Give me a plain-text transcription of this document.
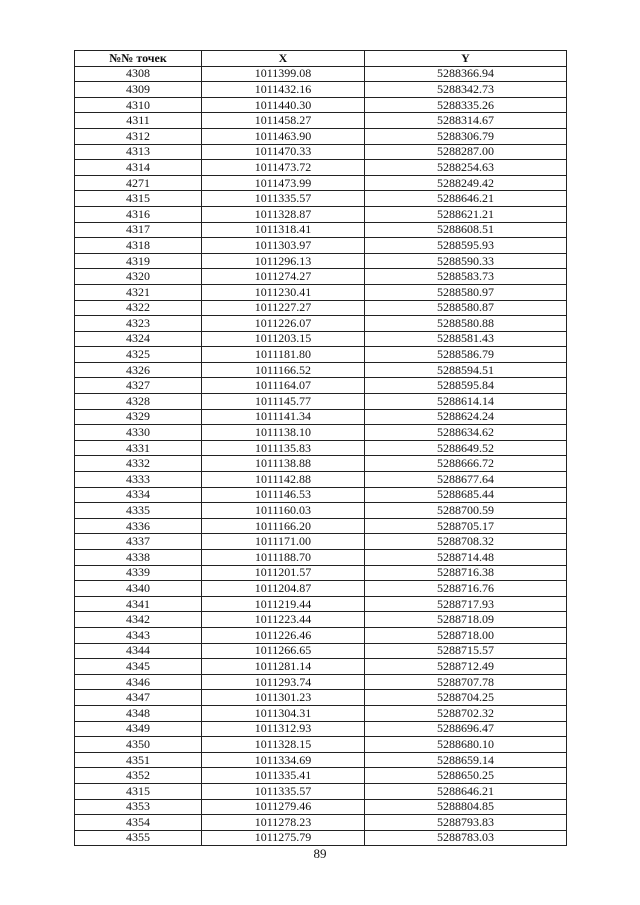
№№ точек	X	Y
4308	1011399.08	5288366.94
4309	1011432.16	5288342.73
4310	1011440.30	5288335.26
4311	1011458.27	5288314.67
4312	1011463.90	5288306.79
4313	1011470.33	5288287.00
4314	1011473.72	5288254.63
4271	1011473.99	5288249.42
4315	1011335.57	5288646.21
4316	1011328.87	5288621.21
4317	1011318.41	5288608.51
4318	1011303.97	5288595.93
4319	1011296.13	5288590.33
4320	1011274.27	5288583.73
4321	1011230.41	5288580.97
4322	1011227.27	5288580.87
4323	1011226.07	5288580.88
4324	1011203.15	5288581.43
4325	1011181.80	5288586.79
4326	1011166.52	5288594.51
4327	1011164.07	5288595.84
4328	1011145.77	5288614.14
4329	1011141.34	5288624.24
4330	1011138.10	5288634.62
4331	1011135.83	5288649.52
4332	1011138.88	5288666.72
4333	1011142.88	5288677.64
4334	1011146.53	5288685.44
4335	1011160.03	5288700.59
4336	1011166.20	5288705.17
4337	1011171.00	5288708.32
4338	1011188.70	5288714.48
4339	1011201.57	5288716.38
4340	1011204.87	5288716.76
4341	1011219.44	5288717.93
4342	1011223.44	5288718.09
4343	1011226.46	5288718.00
4344	1011266.65	5288715.57
4345	1011281.14	5288712.49
4346	1011293.74	5288707.78
4347	1011301.23	5288704.25
4348	1011304.31	5288702.32
4349	1011312.93	5288696.47
4350	1011328.15	5288680.10
4351	1011334.69	5288659.14
4352	1011335.41	5288650.25
4315	1011335.57	5288646.21
4353	1011279.46	5288804.85
4354	1011278.23	5288793.83
4355	1011275.79	5288783.03
89
